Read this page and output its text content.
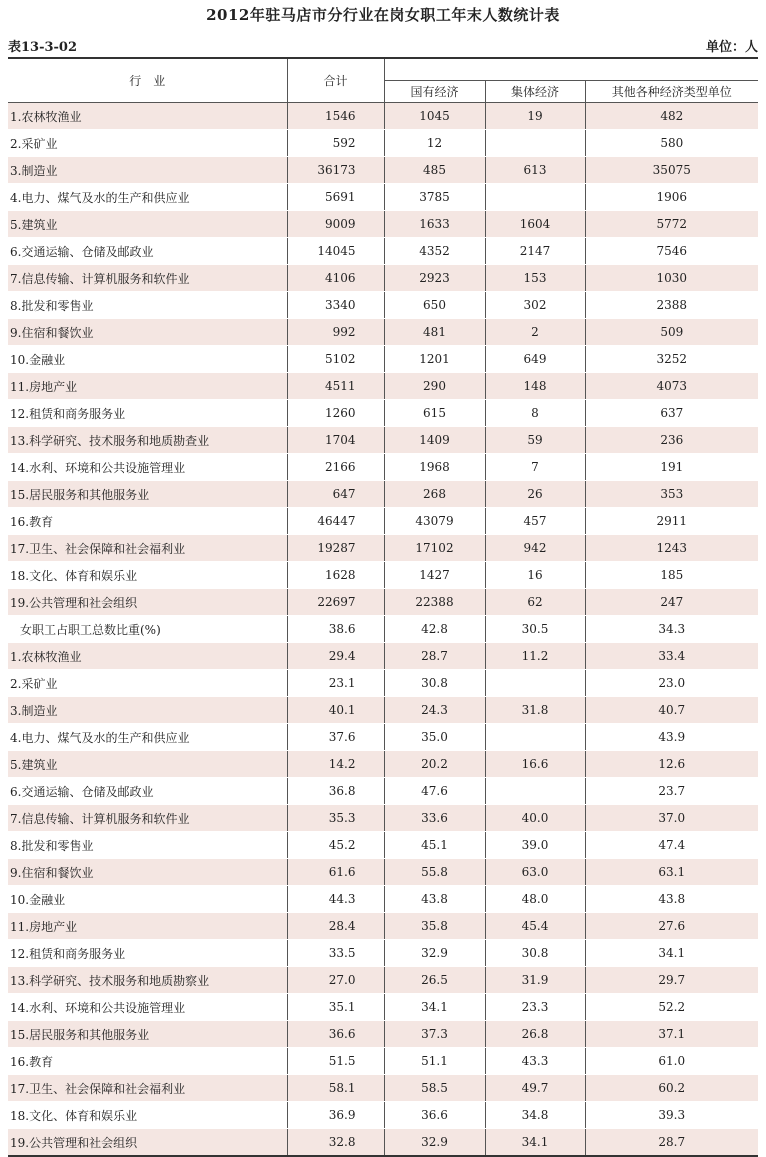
2012年驻马店市分行业在岗女职工年末人数统计表
表13-3-02	单位：人
行　业	合计			
		国有经济	集体经济	其他各种经济类型单位
1.农林牧渔业	1546	1045	19	482
2.采矿业	592	12		580
3.制造业	36173	485	613	35075
4.电力、煤气及水的生产和供应业	5691	3785		1906
5.建筑业	9009	1633	1604	5772
6.交通运输、仓储及邮政业	14045	4352	2147	7546
7.信息传输、计算机服务和软件业	4106	2923	153	1030
8.批发和零售业	3340	650	302	2388
9.住宿和餐饮业	992	481	2	509
10.金融业	5102	1201	649	3252
11.房地产业	4511	290	148	4073
12.租赁和商务服务业	1260	615	8	637
13.科学研究、技术服务和地质勘查业	1704	1409	59	236
14.水利、环境和公共设施管理业	2166	1968	7	191
15.居民服务和其他服务业	647	268	26	353
16.教育	46447	43079	457	2911
17.卫生、社会保障和社会福利业	19287	17102	942	1243
18.文化、体育和娱乐业	1628	1427	16	185
19.公共管理和社会组织	22697	22388	62	247
女职工占职工总数比重(%)	38.6	42.8	30.5	34.3
1.农林牧渔业	29.4	28.7	11.2	33.4
2.采矿业	23.1	30.8		23.0
3.制造业	40.1	24.3	31.8	40.7
4.电力、煤气及水的生产和供应业	37.6	35.0		43.9
5.建筑业	14.2	20.2	16.6	12.6
6.交通运输、仓储及邮政业	36.8	47.6		23.7
7.信息传输、计算机服务和软件业	35.3	33.6	40.0	37.0
8.批发和零售业	45.2	45.1	39.0	47.4
9.住宿和餐饮业	61.6	55.8	63.0	63.1
10.金融业	44.3	43.8	48.0	43.8
11.房地产业	28.4	35.8	45.4	27.6
12.租赁和商务服务业	33.5	32.9	30.8	34.1
13.科学研究、技术服务和地质勘察业	27.0	26.5	31.9	29.7
14.水利、环境和公共设施管理业	35.1	34.1	23.3	52.2
15.居民服务和其他服务业	36.6	37.3	26.8	37.1
16.教育	51.5	51.1	43.3	61.0
17.卫生、社会保障和社会福利业	58.1	58.5	49.7	60.2
18.文化、体育和娱乐业	36.9	36.6	34.8	39.3
19.公共管理和社会组织	32.8	32.9	34.1	28.7
